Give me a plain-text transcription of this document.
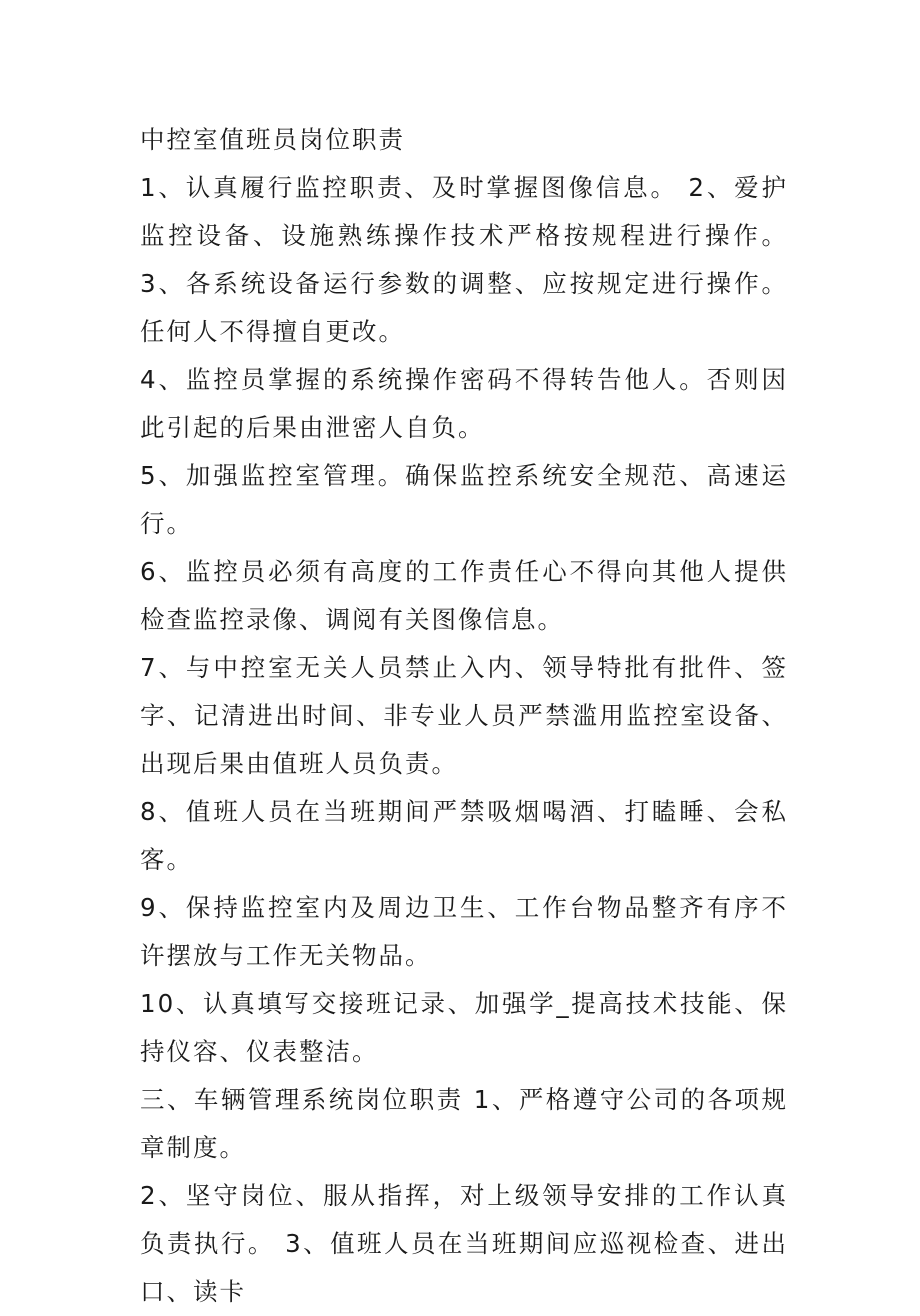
中控室值班员岗位职责

1、认真履行监控职责、及时掌握图像信息。 2、爱护监控设备、设施熟练操作技术严格按规程进行操作。 3、各系统设备运行参数的调整、应按规定进行操作。任何人不得擅自更改。

4、监控员掌握的系统操作密码不得转告他人。否则因此引起的后果由泄密人自负。

5、加强监控室管理。确保监控系统安全规范、高速运行。

6、监控员必须有高度的工作责任心不得向其他人提供检查监控录像、调阅有关图像信息。

7、与中控室无关人员禁止入内、领导特批有批件、签字、记清进出时间、非专业人员严禁滥用监控室设备、出现后果由值班人员负责。

8、值班人员在当班期间严禁吸烟喝酒、打瞌睡、会私客。

9、保持监控室内及周边卫生、工作台物品整齐有序不许摆放与工作无关物品。

10、认真填写交接班记录、加强学_提高技术技能、保持仪容、仪表整洁。

三、车辆管理系统岗位职责 1、严格遵守公司的各项规章制度。

2、坚守岗位、服从指挥，对上级领导安排的工作认真负责执行。 3、值班人员在当班期间应巡视检查、进出口、读卡
